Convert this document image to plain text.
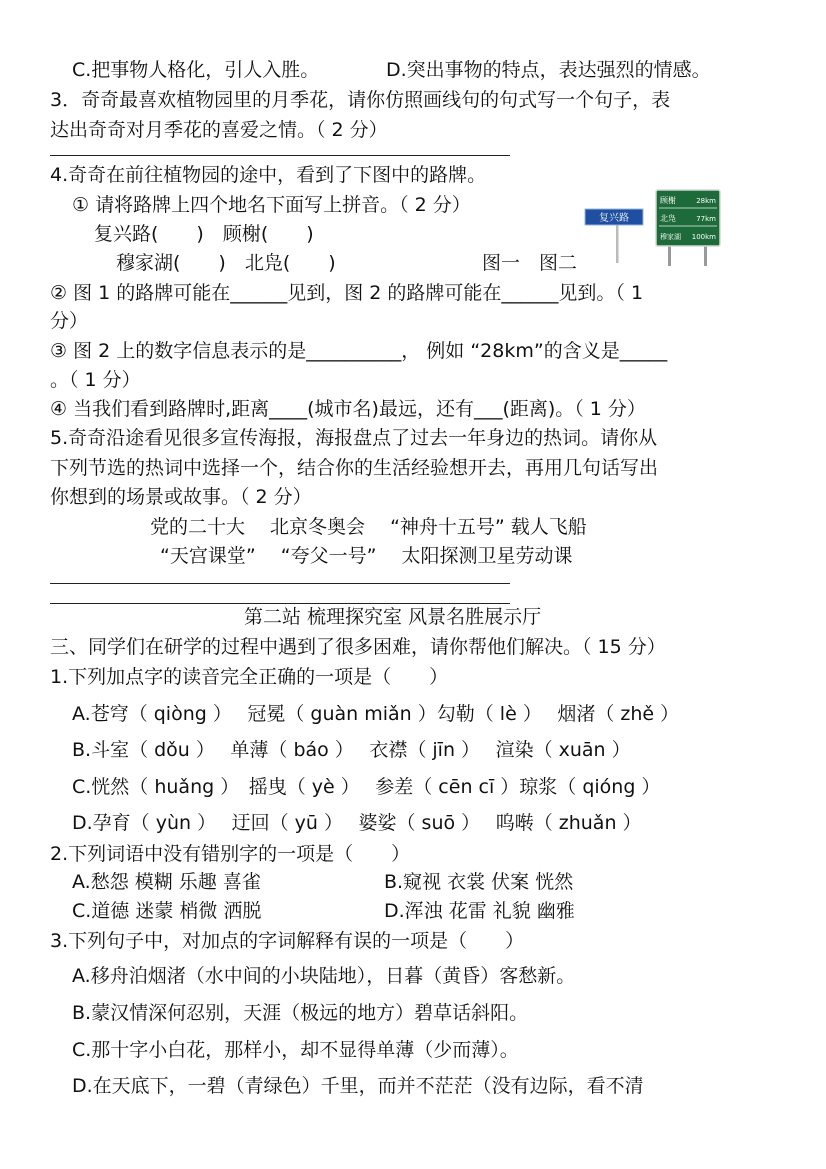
C.把事物人格化，引人入胜。	D.突出事物的特点，表达强烈的情感。
3．奇奇最喜欢植物园里的月季花，请你仿照画线句的句式写一个句子，表
达出奇奇对月季花的喜爱之情。（ 2 分）
4.奇奇在前往植物园的途中，看到了下图中的路牌。
① 请将路牌上四个地名下面写上拼音。（ 2 分）
复兴路(　　)　顾榭(　　)
穆家湖(　　)　北凫(　　)	图一　图二
复兴路
顾榭	28km
北凫	77km
穆家湖 100km
② 图 1 的路牌可能在______见到，图 2 的路牌可能在______见到。（ 1
分）
③ 图 2 上的数字信息表示的是__________， 例如 “28km”的含义是_____
。（ 1 分）
④ 当我们看到路牌时,距离____(城市名)最远，还有___(距离)。（ 1 分）
5.奇奇沿途看见很多宣传海报，海报盘点了过去一年身边的热词。请你从
下列节选的热词中选择一个，结合你的生活经验想开去，再用几句话写出
你想到的场景或故事。（ 2 分）
党的二十大　 北京冬奥会　 “神舟十五号” 载人飞船
“天宫课堂”　 “夸父一号”　 太阳探测卫星劳动课
第二站 梳理探究室 风景名胜展示厅
三、同学们在研学的过程中遇到了很多困难，请你帮他们解决。（ 15 分）
1.下列加点字的读音完全正确的一项是（　　）
A.苍穹（ qiòng ）　 冠冕（ guàn miǎn ）勾勒（ lè ）　 烟渚（ zhě ）
B.斗室（ dǒu ）　 单薄（ báo ）　 衣襟（ jīn ）　 渲染（ xuān ）
C.恍然（ huǎng ）　摇曳（ yè ）　 参差（ cēn cī ）琼浆（ qióng ）
D.孕育（ yùn ）　 迂回（ yū ）　 婆娑（ suō ）　 呜啭（ zhuǎn ）
2.下列词语中没有错别字的一项是（　　）
A.愁怨 模糊 乐趣 喜雀	B.窥视 衣裳 伏案 恍然
C.道德 迷蒙 梢微 洒脱	D.浑浊 花雷 礼貌 幽雅
3.下列句子中，对加点的字词解释有误的一项是（　　）
A.移舟泊烟渚（水中间的小块陆地），日暮（黄昏）客愁新。
B.蒙汉情深何忍别，天涯（极远的地方）碧草话斜阳。
C.那十字小白花，那样小，却不显得单薄（少而薄）。
D.在天底下，一碧（青绿色）千里，而并不茫茫（没有边际，看不清
